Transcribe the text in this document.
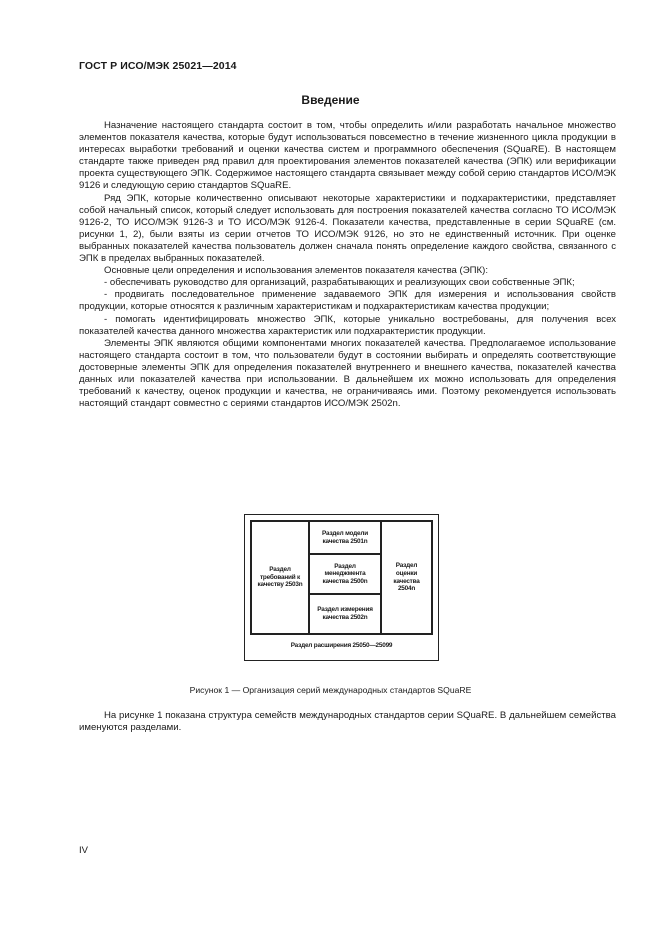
ГОСТ Р ИСО/МЭК 25021—2014
Введение

Назначение настоящего стандарта состоит в том, чтобы определить и/или разработать начальное множество элементов показателя качества, которые будут использоваться повсеместно в течение жизненного цикла продукции в интересах выработки требований и оценки качества систем и программного обеспечения (SQuaRE). В настоящем стандарте также приведен ряд правил для проектирования элементов показателей качества (ЭПК) или верификации проекта существующего ЭПК. Содержимое настоящего стандарта связывает между собой серию стандартов ИСО/МЭК 9126 и следующую серию стандартов SQuaRE.

Ряд ЭПК, которые количественно описывают некоторые характеристики и подхарактеристики, представляет собой начальный список, который следует использовать для построения показателей качества согласно ТО ИСО/МЭК 9126-2, ТО ИСО/МЭК 9126-3 и ТО ИСО/МЭК 9126-4. Показатели качества, представленные в серии SQuaRE (см. рисунки 1, 2), были взяты из серии отчетов ТО ИСО/МЭК 9126, но это не единственный источник. При оценке выбранных показателей качества пользователь должен сначала понять определение каждого свойства, связанного с ЭПК в пределах выбранных показателей.

Основные цели определения и использования элементов показателя качества (ЭПК):

- обеспечивать руководство для организаций, разрабатывающих и реализующих свои собственные ЭПК;

- продвигать последовательное применение задаваемого ЭПК для измерения и использования свойств продукции, которые относятся к различным характеристикам и подхарактеристикам качества продукции;

- помогать идентифицировать множество ЭПК, которые уникально востребованы, для получения всех показателей качества данного множества характеристик или подхарактеристик продукции.

Элементы ЭПК являются общими компонентами многих показателей качества. Предполагаемое использование настоящего стандарта состоит в том, что пользователи будут в состоянии выбирать и определять соответствующие достоверные элементы ЭПК для определения показателей внутреннего и внешнего качества, показателей качества данных или показателей качества при использовании. В дальнейшем их можно использовать для определения требований к качеству, оценок продукции и качества, не ограничиваясь ими. Поэтому рекомендуется использовать настоящий стандарт совместно с сериями стандартов ИСО/МЭК 2502n.

Раздел требований к качеству 2503n
Раздел модели качества 2501n
Раздел менеджмента качества 2500n
Раздел измерения качества 2502n
Раздел оценки качества 2504n
Раздел расширения 25050—25099
Рисунок 1 — Организация серий международных стандартов SQuaRE

На рисунке 1 показана структура семейств международных стандартов серии SQuaRE. В дальнейшем семейства именуются разделами.

IV
